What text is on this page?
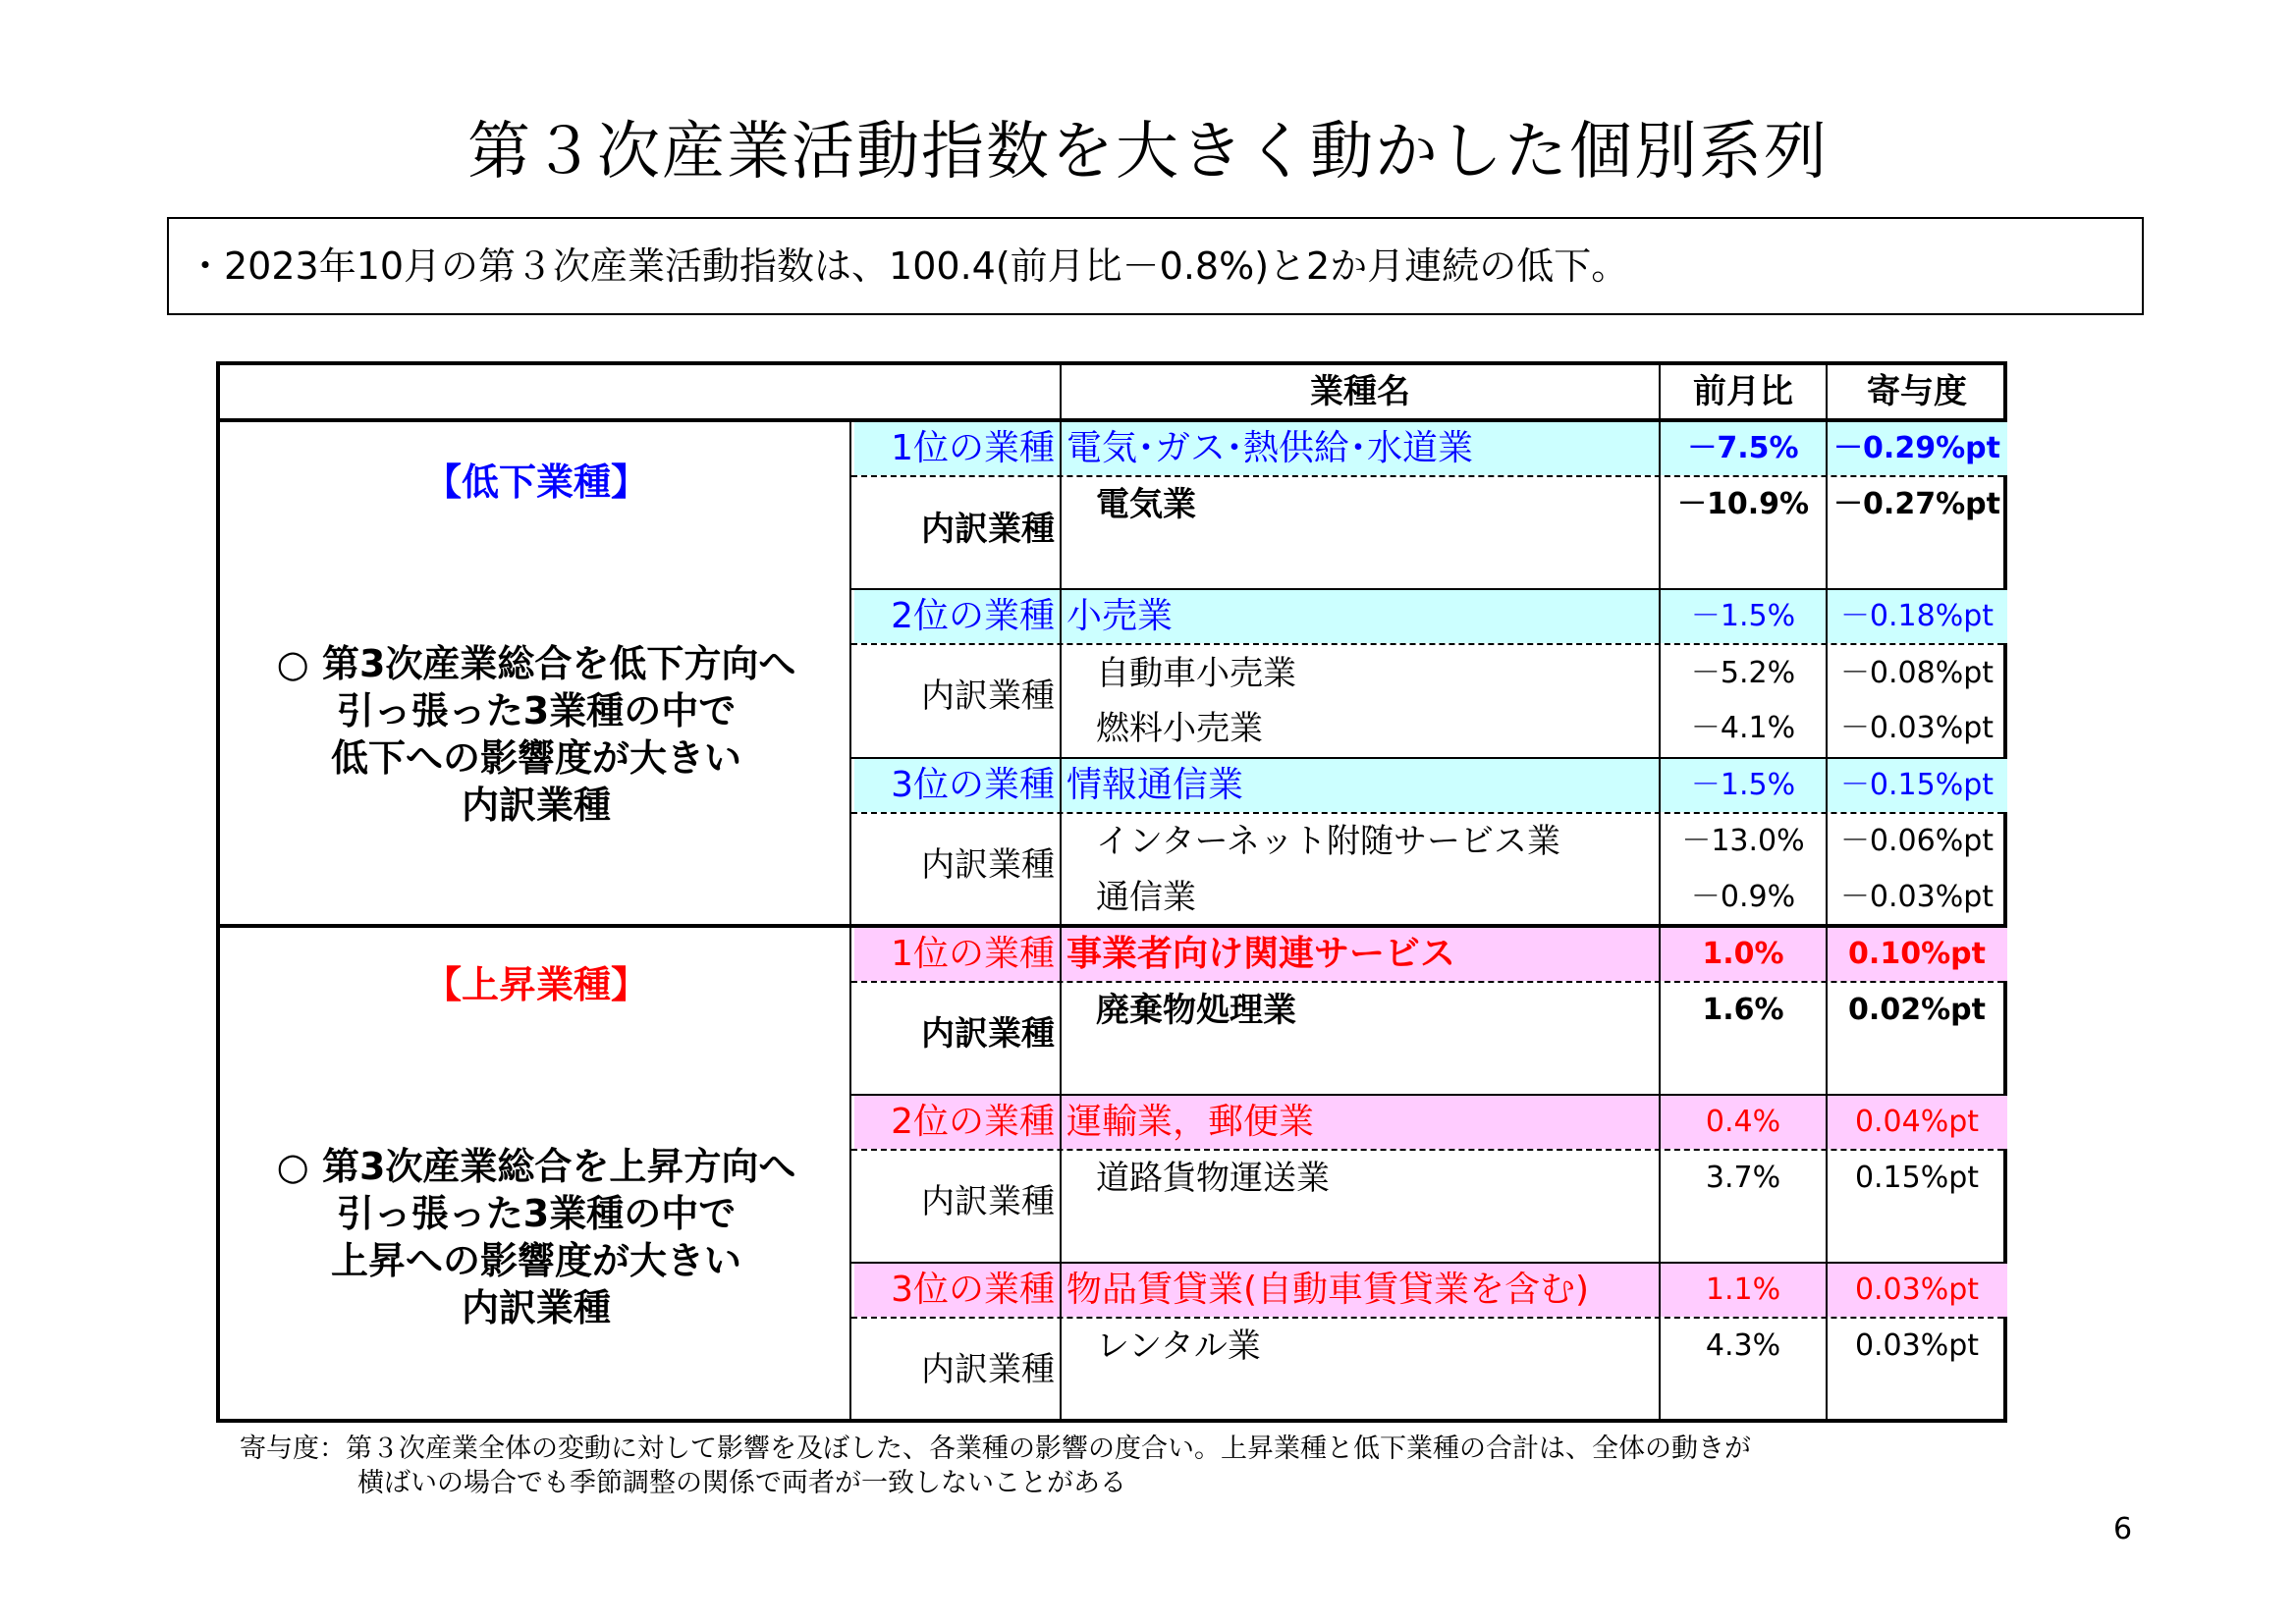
第３次産業活動指数を大きく動かした個別系列
・2023年10月の第３次産業活動指数は、100.4(前月比－0.8%)と2か月連続の低下。
業種名	前月比	寄与度
【低下業種】
○ 第3次産業総合を低下方向へ
引っ張った3業種の中で
低下への影響度が大きい
内訳業種
1位の業種 電気･ガス･熱供給･水道業	－7.5%	－0.29%pt
内訳業種
電気業	－10.9% －0.27%pt
2位の業種 小売業	－1.5%	－0.18%pt
内訳業種
自動車小売業	－5.2%	－0.08%pt
燃料小売業	－4.1%	－0.03%pt
3位の業種 情報通信業	－1.5%	－0.15%pt
内訳業種
インターネット附随サービス業	－13.0%	－0.06%pt
通信業	－0.9%	－0.03%pt
【上昇業種】
○ 第3次産業総合を上昇方向へ
引っ張った3業種の中で
上昇への影響度が大きい
内訳業種
1位の業種 事業者向け関連サービス	1.0%	0.10%pt
内訳業種
廃棄物処理業	1.6%	0.02%pt
2位の業種 運輸業，郵便業	0.4%	0.04%pt
内訳業種
道路貨物運送業	3.7%	0.15%pt
3位の業種 物品賃貸業(自動車賃貸業を含む)	1.1%	0.03%pt
内訳業種
レンタル業	4.3%	0.03%pt
寄与度：第３次産業全体の変動に対して影響を及ぼした、各業種の影響の度合い。上昇業種と低下業種の合計は、全体の動きが
横ばいの場合でも季節調整の関係で両者が一致しないことがある
6
